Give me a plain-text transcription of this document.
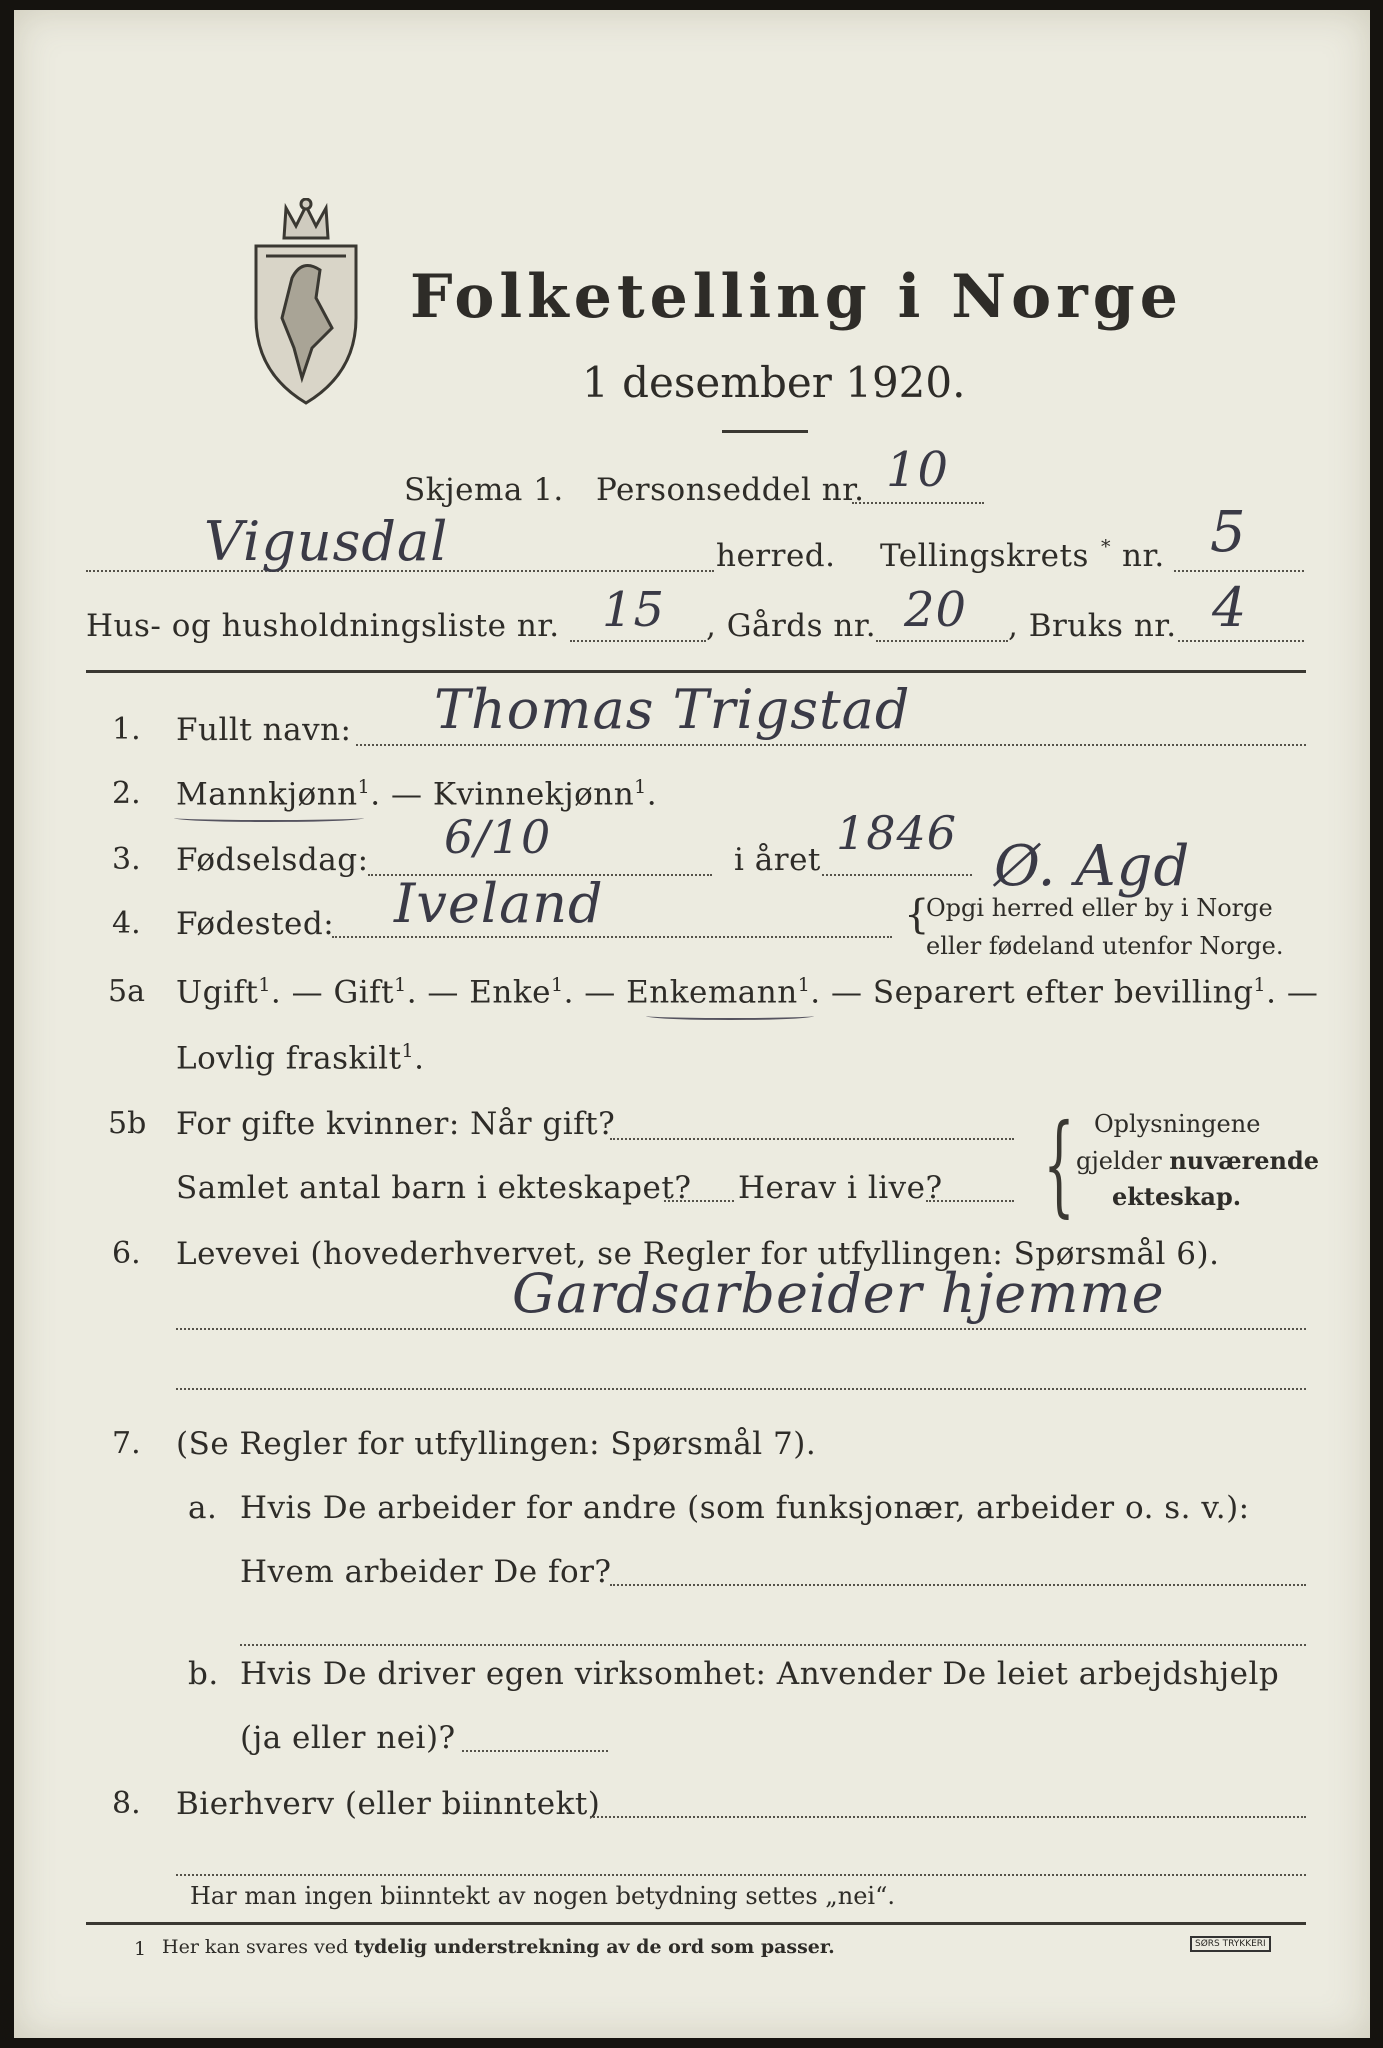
Folketelling i Norge
1 desember 1920.
Skjema 1. Personseddel nr. 10
Vigusdal	herred. Tellingskrets * nr. 5
Hus- og husholdningsliste nr. 15 , Gårds nr. 20 , Bruks nr. 4
1. Fullt navn: Thomas Trigstad
2. Mannkjønn$^1$. — Kvinnekjønn$^1$.
3. Fødselsdag: 6/10	i året 1846
Ø. Agd
4. Fødested: Iveland	{
Opgi herred eller by i Norge
eller fødeland utenfor Norge.
5a Ugift$^1$. — Gift$^1$. — Enke$^1$. — Enkemann$^1$. — Separert efter bevilling$^1$. —
Lovlig fraskilt$^1$.
5b For gifte kvinner: Når gift?
Samlet antal barn i ekteskapet? Herav i live? { Oplysningene
gjelder nuværende
ekteskap.
6. Levevei (hovederhvervet, se Regler for utfyllingen: Spørsmål 6).
Gardsarbeider hjemme
7. (Se Regler for utfyllingen: Spørsmål 7).
a. Hvis De arbeider for andre (som funksjonær, arbeider o. s. v.):
Hvem arbeider De for?
b. Hvis De driver egen virksomhet: Anvender De leiet arbejdshjelp
(ja eller nei)?
8. Bierhverv (eller biinntekt)
Har man ingen biinntekt av nogen betydning settes „nei“.
1 Her kan svares ved tydelig understrekning av de ord som passer.	SØRS TRYKKERI
